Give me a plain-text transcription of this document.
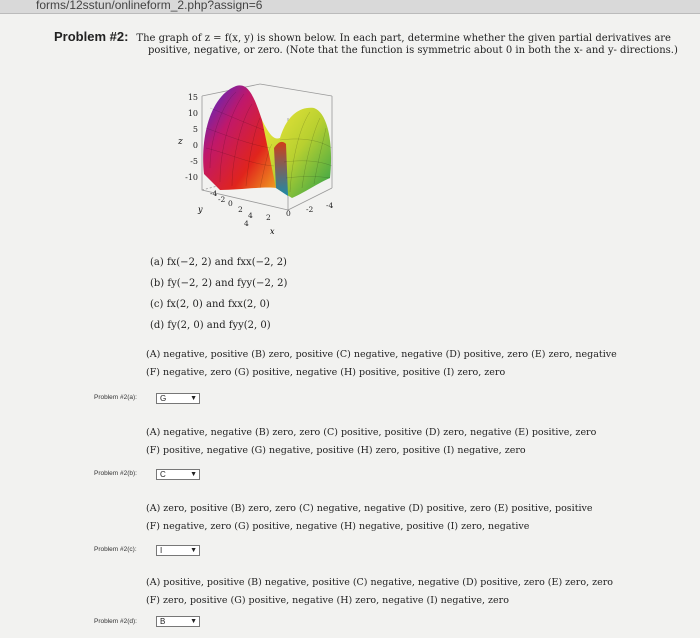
forms/12sstun/onlineform_2.php?assign=6
Problem #2: The graph of z = f(x, y) is shown below. In each part, determine whether the given partial derivatives are
positive, negative, or zero. (Note that the function is symmetric about 0 in both the x- and y- directions.)
15
10
5
0
-5
-10
z
-4
-2 0
2
4
y
4
2 0 -2 -4
x
(a) fx(−2, 2) and fxx(−2, 2)
(b) fy(−2, 2) and fyy(−2, 2)
(c) fx(2, 0) and fxx(2, 0)
(d) fy(2, 0) and fyy(2, 0)
(A) negative, positive (B) zero, positive (C) negative, negative (D) positive, zero (E) zero, negative
(F) negative, zero (G) positive, negative (H) positive, positive (I) zero, zero
Problem #2(a):	G	▼
(A) negative, negative (B) zero, zero (C) positive, positive (D) zero, negative (E) positive, zero
(F) positive, negative (G) negative, positive (H) zero, positive (I) negative, zero
Problem #2(b):	C	▼
(A) zero, positive (B) zero, zero (C) negative, negative (D) positive, zero (E) positive, positive
(F) negative, zero (G) positive, negative (H) negative, positive (I) zero, negative
Problem #2(c):	I	▼
(A) positive, positive (B) negative, positive (C) negative, negative (D) positive, zero (E) zero, zero
(F) zero, positive (G) positive, negative (H) zero, negative (I) negative, zero
Problem #2(d):	B	▼
